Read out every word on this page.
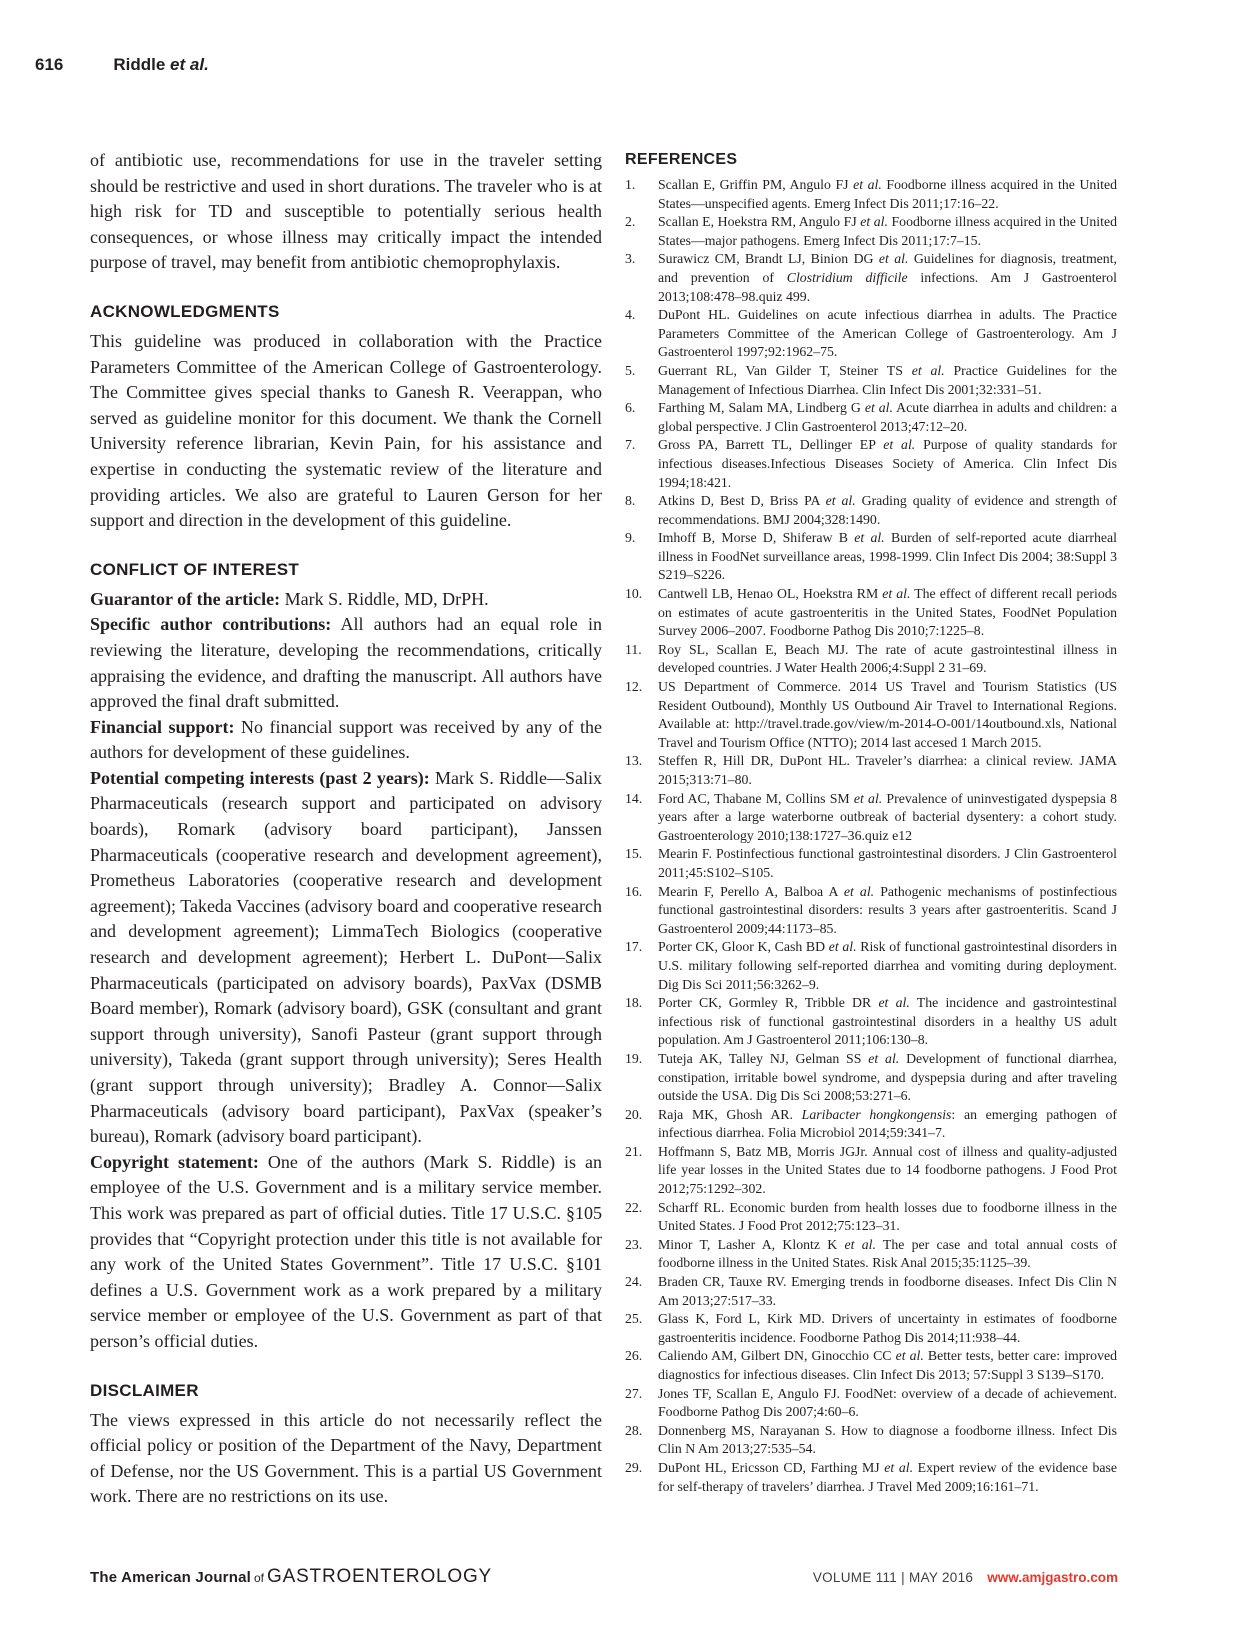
616	Riddle et al.

of antibiotic use, recommendations for use in the traveler setting should be restrictive and used in short durations. The traveler who is at high risk for TD and susceptible to potentially serious health consequences, or whose illness may critically impact the intended purpose of travel, may benefit from antibiotic chemoprophylaxis.

ACKNOWLEDGMENTS

This guideline was produced in collaboration with the Practice Parameters Committee of the American College of Gastroenterology. The Committee gives special thanks to Ganesh R. Veerappan, who served as guideline monitor for this document. We thank the Cornell University reference librarian, Kevin Pain, for his assistance and expertise in conducting the systematic review of the literature and providing articles. We also are grateful to Lauren Gerson for her support and direction in the development of this guideline.

CONFLICT OF INTEREST

Guarantor of the article: Mark S. Riddle, MD, DrPH.

Specific author contributions: All authors had an equal role in reviewing the literature, developing the recommendations, critically appraising the evidence, and drafting the manuscript. All authors have approved the final draft submitted.

Financial support: No financial support was received by any of the authors for development of these guidelines.

Potential competing interests (past 2 years): Mark S. Riddle—Salix Pharmaceuticals (research support and participated on advisory boards), Romark (advisory board participant), Janssen Pharmaceuticals (cooperative research and development agreement), Prometheus Laboratories (cooperative research and development agreement); Takeda Vaccines (advisory board and cooperative research and development agreement); LimmaTech Biologics (cooperative research and development agreement); Herbert L. DuPont—Salix Pharmaceuticals (participated on advisory boards), PaxVax (DSMB Board member), Romark (advisory board), GSK (consultant and grant support through university), Sanofi Pasteur (grant support through university), Takeda (grant support through university); Seres Health (grant support through university); Bradley A. Connor—Salix Pharmaceuticals (advisory board participant), PaxVax (speaker’s bureau), Romark (advisory board participant).

Copyright statement: One of the authors (Mark S. Riddle) is an employee of the U.S. Government and is a military service member. This work was prepared as part of official duties. Title 17 U.S.C. §105 provides that “Copyright protection under this title is not available for any work of the United States Government”. Title 17 U.S.C. §101 defines a U.S. Government work as a work prepared by a military service member or employee of the U.S. Government as part of that person’s official duties.

DISCLAIMER

The views expressed in this article do not necessarily reflect the official policy or position of the Department of the Navy, Department of Defense, nor the US Government. This is a partial US Government work. There are no restrictions on its use.

REFERENCES
1.	Scallan E, Griffin PM, Angulo FJ et al. Foodborne illness acquired in the United States—unspecified agents. Emerg Infect Dis 2011;17:16–22.
2.	Scallan E, Hoekstra RM, Angulo FJ et al. Foodborne illness acquired in the United States—major pathogens. Emerg Infect Dis 2011;17:7–15.
3.	Surawicz CM, Brandt LJ, Binion DG et al. Guidelines for diagnosis, treatment, and prevention of Clostridium difficile infections. Am J Gastroenterol 2013;108:478–98.quiz 499.
4.	DuPont HL. Guidelines on acute infectious diarrhea in adults. The Practice Parameters Committee of the American College of Gastroenterology. Am J Gastroenterol 1997;92:1962–75.
5.	Guerrant RL, Van Gilder T, Steiner TS et al. Practice Guidelines for the Management of Infectious Diarrhea. Clin Infect Dis 2001;32:331–51.
6.	Farthing M, Salam MA, Lindberg G et al. Acute diarrhea in adults and children: a global perspective. J Clin Gastroenterol 2013;47:12–20.
7.	Gross PA, Barrett TL, Dellinger EP et al. Purpose of quality standards for infectious diseases.Infectious Diseases Society of America. Clin Infect Dis 1994;18:421.
8.	Atkins D, Best D, Briss PA et al. Grading quality of evidence and strength of recommendations. BMJ 2004;328:1490.
9.	Imhoff B, Morse D, Shiferaw B et al. Burden of self-reported acute diarrheal illness in FoodNet surveillance areas, 1998-1999. Clin Infect Dis 2004; 38:Suppl 3 S219–S226.
10.	Cantwell LB, Henao OL, Hoekstra RM et al. The effect of different recall periods on estimates of acute gastroenteritis in the United States, FoodNet Population Survey 2006–2007. Foodborne Pathog Dis 2010;7:1225–8.
11.	Roy SL, Scallan E, Beach MJ. The rate of acute gastrointestinal illness in developed countries. J Water Health 2006;4:Suppl 2 31–69.
12.	US Department of Commerce. 2014 US Travel and Tourism Statistics (US Resident Outbound), Monthly US Outbound Air Travel to International Regions. Available at: http://travel.trade.gov/view/m-2014-O-001/14outbound.xls, National Travel and Tourism Office (NTTO); 2014 last accesed 1 March 2015.
13.	Steffen R, Hill DR, DuPont HL. Traveler’s diarrhea: a clinical review. JAMA 2015;313:71–80.
14.	Ford AC, Thabane M, Collins SM et al. Prevalence of uninvestigated dyspepsia 8 years after a large waterborne outbreak of bacterial dysentery: a cohort study. Gastroenterology 2010;138:1727–36.quiz e12
15.	Mearin F. Postinfectious functional gastrointestinal disorders. J Clin Gastroenterol 2011;45:S102–S105.
16.	Mearin F, Perello A, Balboa A et al. Pathogenic mechanisms of postinfectious functional gastrointestinal disorders: results 3 years after gastroenteritis. Scand J Gastroenterol 2009;44:1173–85.
17.	Porter CK, Gloor K, Cash BD et al. Risk of functional gastrointestinal disorders in U.S. military following self-reported diarrhea and vomiting during deployment. Dig Dis Sci 2011;56:3262–9.
18.	Porter CK, Gormley R, Tribble DR et al. The incidence and gastrointestinal infectious risk of functional gastrointestinal disorders in a healthy US adult population. Am J Gastroenterol 2011;106:130–8.
19.	Tuteja AK, Talley NJ, Gelman SS et al. Development of functional diarrhea, constipation, irritable bowel syndrome, and dyspepsia during and after traveling outside the USA. Dig Dis Sci 2008;53:271–6.
20.	Raja MK, Ghosh AR. Laribacter hongkongensis: an emerging pathogen of infectious diarrhea. Folia Microbiol 2014;59:341–7.
21.	Hoffmann S, Batz MB, Morris JGJr. Annual cost of illness and quality-adjusted life year losses in the United States due to 14 foodborne pathogens. J Food Prot 2012;75:1292–302.
22.	Scharff RL. Economic burden from health losses due to foodborne illness in the United States. J Food Prot 2012;75:123–31.
23.	Minor T, Lasher A, Klontz K et al. The per case and total annual costs of foodborne illness in the United States. Risk Anal 2015;35:1125–39.
24.	Braden CR, Tauxe RV. Emerging trends in foodborne diseases. Infect Dis Clin N Am 2013;27:517–33.
25.	Glass K, Ford L, Kirk MD. Drivers of uncertainty in estimates of foodborne gastroenteritis incidence. Foodborne Pathog Dis 2014;11:938–44.
26.	Caliendo AM, Gilbert DN, Ginocchio CC et al. Better tests, better care: improved diagnostics for infectious diseases. Clin Infect Dis 2013; 57:Suppl 3 S139–S170.
27.	Jones TF, Scallan E, Angulo FJ. FoodNet: overview of a decade of achievement. Foodborne Pathog Dis 2007;4:60–6.
28.	Donnenberg MS, Narayanan S. How to diagnose a foodborne illness. Infect Dis Clin N Am 2013;27:535–54.
29.	DuPont HL, Ericsson CD, Farthing MJ et al. Expert review of the evidence base for self-therapy of travelers’ diarrhea. J Travel Med 2009;16:161–71.
The American Journal of GASTROENTEROLOGY	VOLUME 111 | MAY 2016 www.amjgastro.com
